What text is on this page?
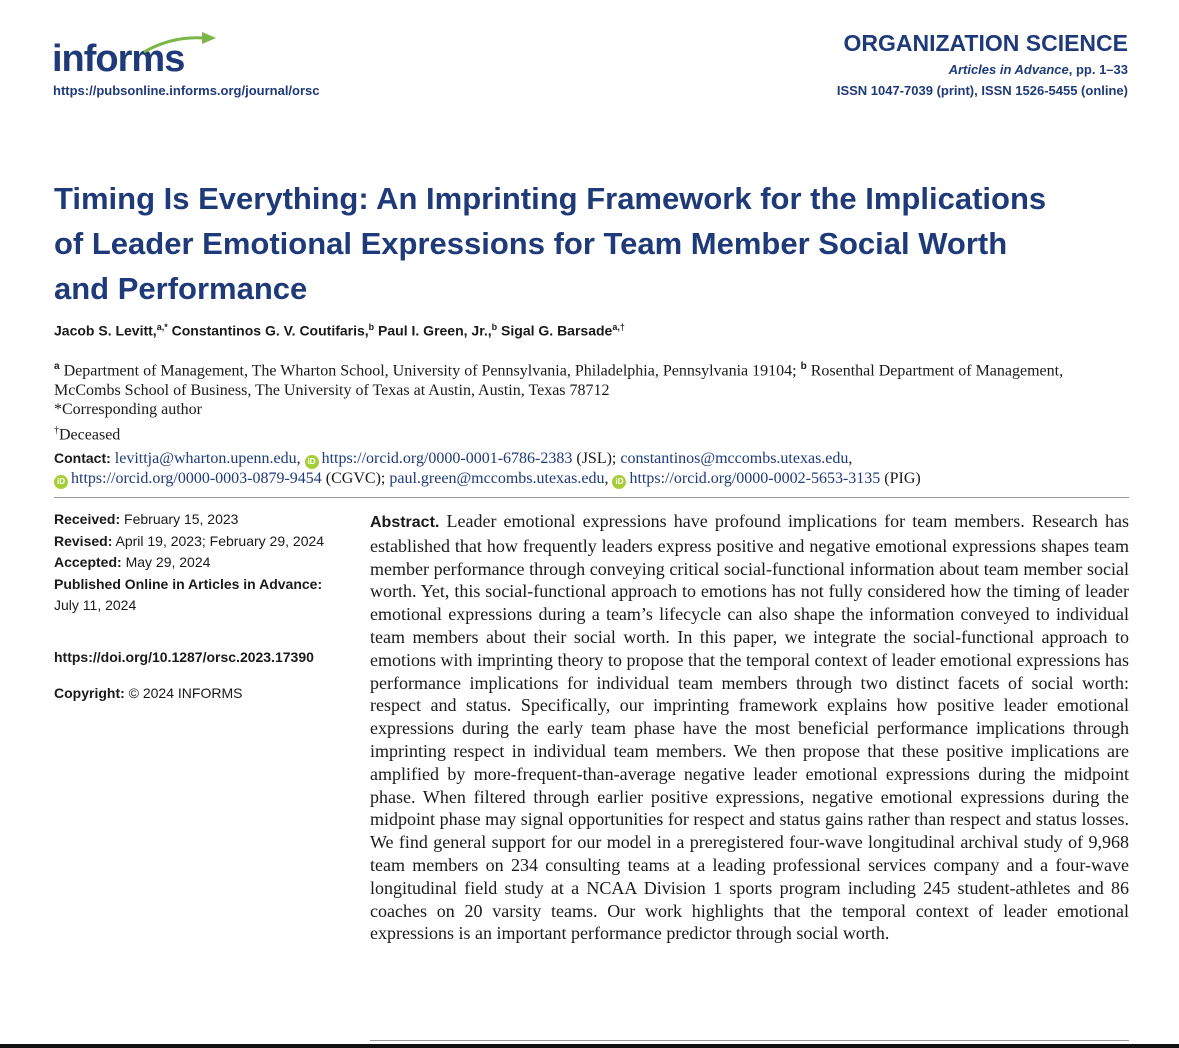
informs
https://pubsonline.informs.org/journal/orsc
ORGANIZATION SCIENCE
Articles in Advance, pp. 1–33
ISSN 1047-7039 (print), ISSN 1526-5455 (online)
Timing Is Everything: An Imprinting Framework for the Implications of Leader Emotional Expressions for Team Member Social Worth and Performance
Jacob S. Levitt,$^{a,*}$ Constantinos G. V. Coutifaris,$^b$ Paul I. Green, Jr.,$^b$ Sigal G. Barsade$^{a,\dagger}$
$^a$ Department of Management, The Wharton School, University of Pennsylvania, Philadelphia, Pennsylvania 19104; $^b$ Rosenthal Department of Management, McCombs School of Business, The University of Texas at Austin, Austin, Texas 78712
*Corresponding author
†Deceased
Contact: levittja@wharton.upenn.edu, iD https://orcid.org/0000-0001-6786-2383 (JSL); constantinos@mccombs.utexas.edu,
iD https://orcid.org/0000-0003-0879-9454 (CGVC); paul.green@mccombs.utexas.edu, iD https://orcid.org/0000-0002-5653-3135 (PIG)
Received: February 15, 2023
Revised: April 19, 2023; February 29, 2024
Accepted: May 29, 2024
Published Online in Articles in Advance:
July 11, 2024
https://doi.org/10.1287/orsc.2023.17390
Copyright: © 2024 INFORMS

Abstract. Leader emotional expressions have profound implications for team members. Research has established that how frequently leaders express positive and negative emotional expressions shapes team member performance through conveying critical social-functional information about team member social worth. Yet, this social-functional approach to emotions has not fully considered how the timing of leader emotional expressions during a team’s lifecycle can also shape the information conveyed to individual team members about their social worth. In this paper, we integrate the social-functional approach to emotions with imprinting theory to propose that the temporal context of leader emotional expressions has performance implications for individual team members through two distinct facets of social worth: respect and status. Specifically, our imprinting framework explains how positive leader emotional expressions during the early team phase have the most beneficial performance implications through imprinting respect in individual team members. We then propose that these positive implications are amplified by more-frequent-than-average negative leader emotional expressions during the midpoint phase. When filtered through earlier positive expressions, negative emotional expressions during the midpoint phase may signal opportunities for respect and status gains rather than respect and status losses. We find general support for our model in a preregistered four-wave longitudinal archival study of 9,968 team members on 234 consulting teams at a leading professional services company and a four-wave longitudinal field study at a NCAA Division 1 sports program including 245 student-athletes and 86 coaches on 20 varsity teams. Our work highlights that the temporal context of leader emotional expressions is an important performance predictor through social worth.
